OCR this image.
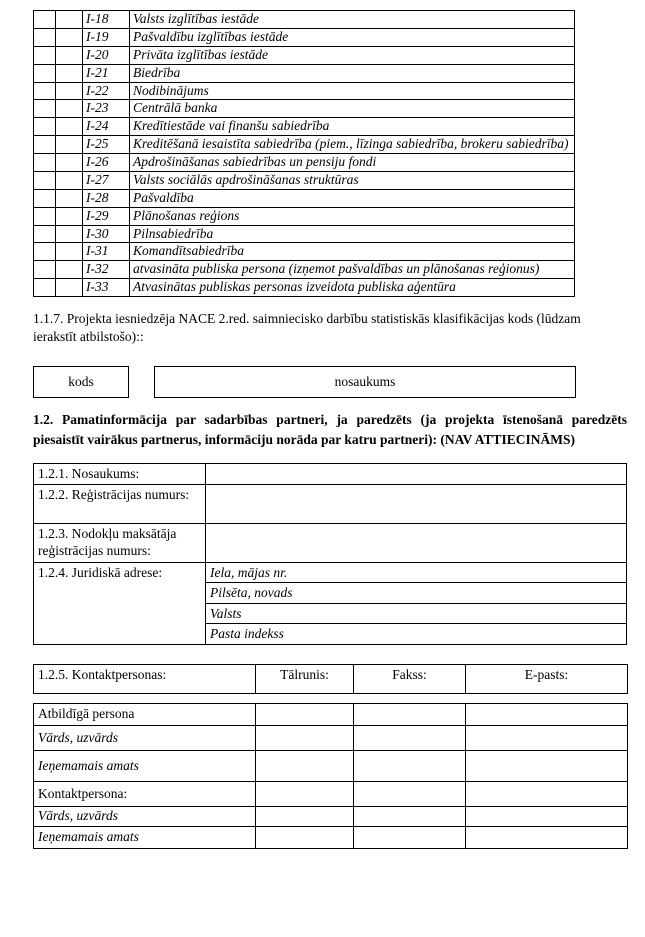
		I-18	Valsts izglītības iestāde
		I-19	Pašvaldību izglītības iestāde
		I-20	Privāta izglītības iestāde
		I-21	Biedrība
		I-22	Nodibinājums
		I-23	Centrālā banka
		I-24	Kredītiestāde vai finanšu sabiedrība
		I-25	Kreditēšanā iesaistīta sabiedrība (piem., līzinga sabiedrība, brokeru sabiedrība)
		I-26	Apdrošināšanas sabiedrības un pensiju fondi
		I-27	Valsts sociālās apdrošināšanas struktūras
		I-28	Pašvaldība
		I-29	Plānošanas reģions
		I-30	Pilnsabiedrība
		I-31	Komandītsabiedrība
		I-32	atvasināta publiska persona (izņemot pašvaldības un plānošanas reģionus)
		I-33	Atvasinātas publiskas personas izveidota publiska aģentūra

1.1.7. Projekta iesniedzēja NACE 2.red. saimniecisko darbību statistiskās klasifikācijas kods (lūdzam ierakstīt atbilstošo)::

kods	nosaukums

1.2. Pamatinformācija par sadarbības partneri, ja paredzēts (ja projekta īstenošanā paredzēts piesaistīt vairākus partnerus, informāciju norāda par katru partneri): (NAV ATTIECINĀMS)

1.2.1. Nosaukums:	
1.2.2. Reģistrācijas numurs:	
1.2.3. Nodokļu maksātāja reģistrācijas numurs:	
1.2.4. Juridiskā adrese:	Iela, mājas nr.
	Pilsēta, novads
	Valsts
	Pasta indekss
1.2.5. Kontaktpersonas:	Tālrunis:	Fakss:	E-pasts:
Atbildīgā persona			
Vārds, uzvārds			
Ieņemamais amats			
Kontaktpersona:			
Vārds, uzvārds			
Ieņemamais amats			
